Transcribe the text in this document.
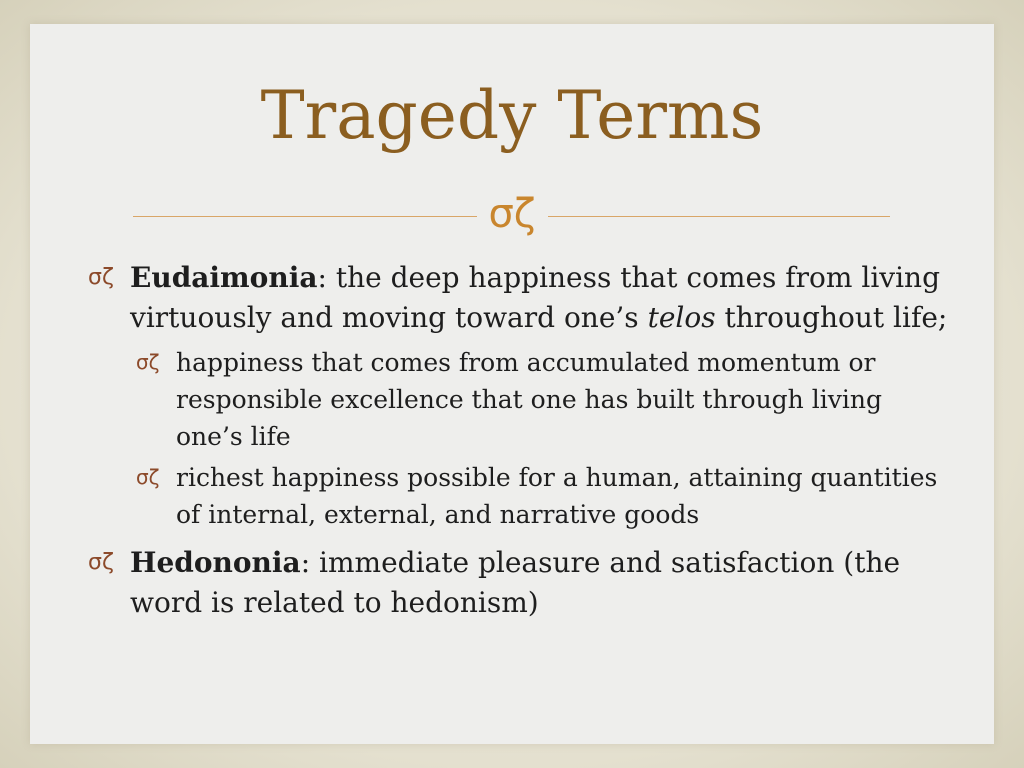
Tragedy Terms
σζ
σζ Eudaimonia: the deep happiness that comes from living virtuously and moving toward one’s telos throughout life;
σζ happiness that comes from accumulated momentum or responsible excellence that one has built through living one’s life
σζ richest happiness possible for a human, attaining quantities of internal, external, and narrative goods
σζ Hedononia: immediate pleasure and satisfaction (the word is related to hedonism)
